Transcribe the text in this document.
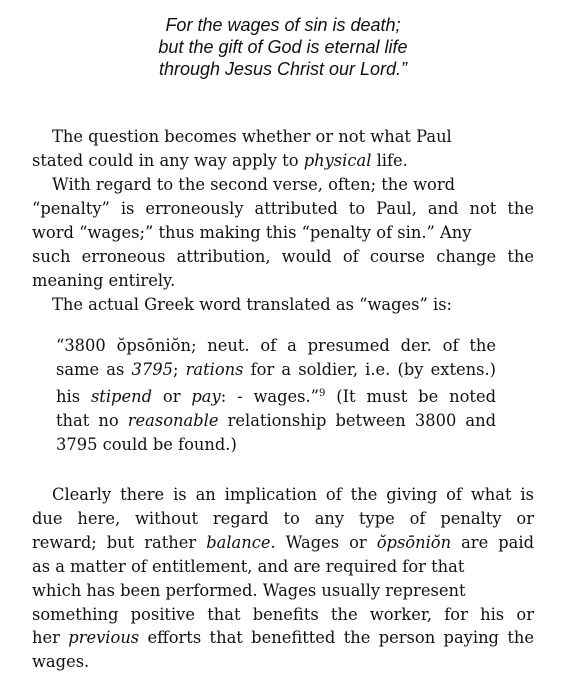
For the wages of sin is death;
but the gift of God is eternal life
through Jesus Christ our Lord.”
The question becomes whether or not what Paul
stated could in any way apply to physical life.
With regard to the second verse, often; the word
“penalty” is erroneously attributed to Paul, and not the
word “wages;” thus making this “penalty of sin.” Any
such erroneous attribution, would of course change the
meaning entirely.
The actual Greek word translated as “wages” is:
“3800 ŏpsōniŏn; neut. of a presumed der. of the
same as 3795; rations for a soldier, i.e. (by extens.)
his stipend or pay: - wages.”$^9$ (It must be noted
that no reasonable relationship between 3800 and
3795 could be found.)
Clearly there is an implication of the giving of what is
due here, without regard to any type of penalty or
reward; but rather balance. Wages or ŏpsōniŏn are paid
as a matter of entitlement, and are required for that
which has been performed. Wages usually represent
something positive that benefits the worker, for his or
her previous efforts that benefitted the person paying the
wages.
